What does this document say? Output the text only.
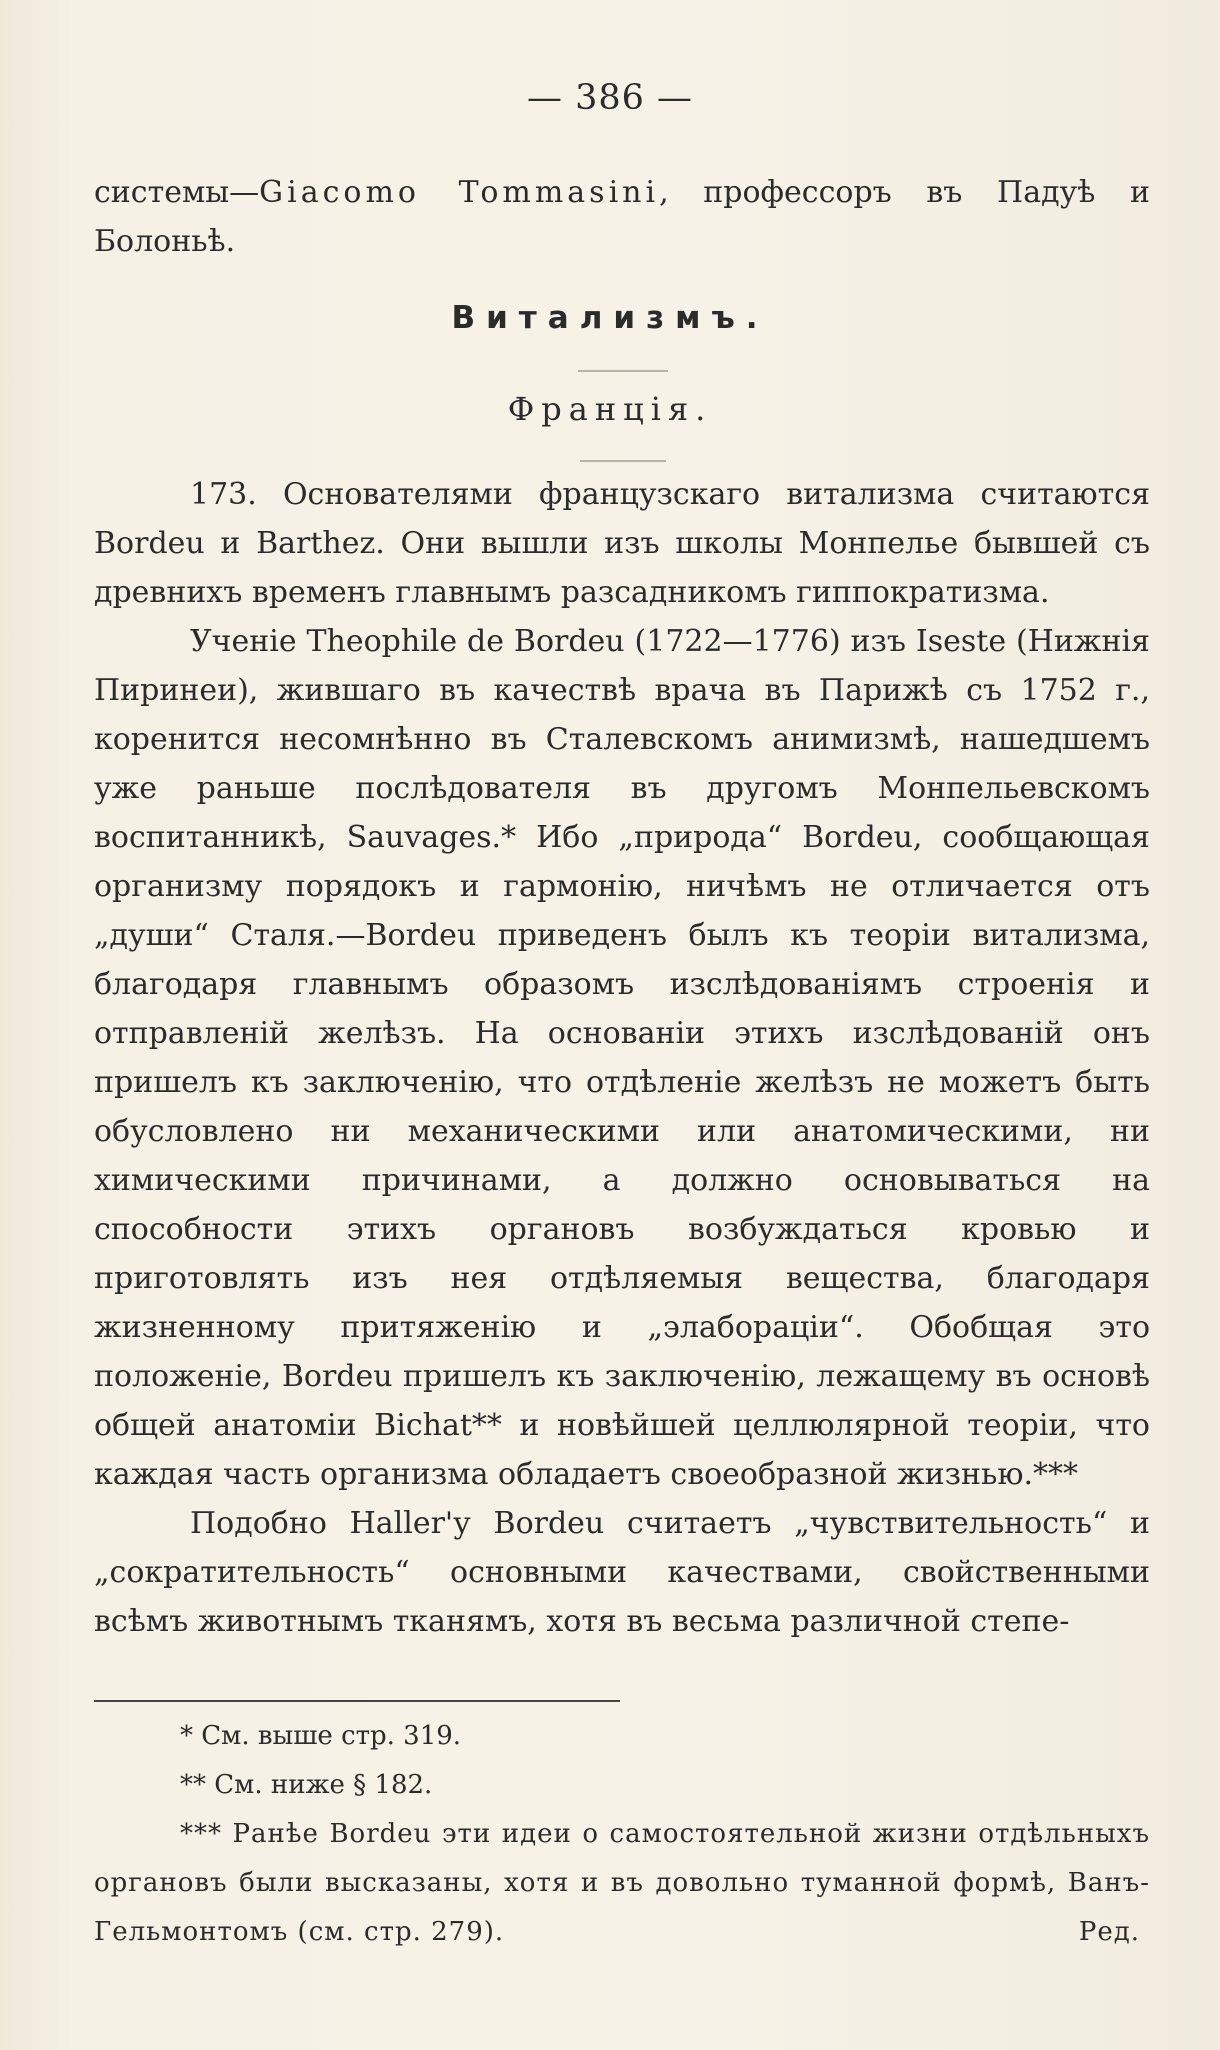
— 386 —
системы—Giacomo Tommasini, профессоръ въ Падуѣ и Болоньѣ.
Витализмъ.
Франція.

173. Основателями французскаго витализма считаются Bordeu и Barthez. Они вышли изъ школы Монпелье бывшей съ древнихъ временъ главнымъ разсадникомъ гиппократизма.

Ученіе Theophile de Bordeu (1722—1776) изъ Iseste (Нижнія Пиринеи), жившаго въ качествѣ врача въ Парижѣ съ 1752 г., коренится несомнѣнно въ Сталевскомъ анимизмѣ, нашедшемъ уже раньше послѣдователя въ другомъ Монпельевскомъ воспитанникѣ, Sauvages.* Ибо „природа“ Bordeu, сообщающая организму порядокъ и гармонію, ничѣмъ не отличается отъ „души“ Сталя.—Bordeu приведенъ былъ къ теоріи витализма, благодаря главнымъ образомъ изслѣдованіямъ строенія и отправленій желѣзъ. На основаніи этихъ изслѣдованій онъ пришелъ къ заключенію, что отдѣленіе желѣзъ не можетъ быть обусловлено ни механическими или анатомическими, ни химическими причинами, а должно основываться на способности этихъ органовъ возбуждаться кровью и приготовлять изъ нея отдѣляемыя вещества, благодаря жизненному притяженію и „элабораціи“. Обобщая это положеніе, Bordeu пришелъ къ заключенію, лежащему въ основѣ общей анатоміи Bichat** и новѣйшей целлюлярной теоріи, что каждая часть организма обладаетъ своеобразной жизнью.***

Подобно Haller'у Bordeu считаетъ „чувствительность“ и „сократительность“ основными качествами, свойственными всѣмъ животнымъ тканямъ, хотя въ весьма различной степе-

* См. выше стр. 319.

** См. ниже § 182.

*** Ранѣе Bordeu эти идеи о самостоятельной жизни отдѣльныхъ органовъ были высказаны, хотя и въ довольно туманной формѣ, Ванъ-Гельмонтомъ (см. стр. 279).	Ред.
